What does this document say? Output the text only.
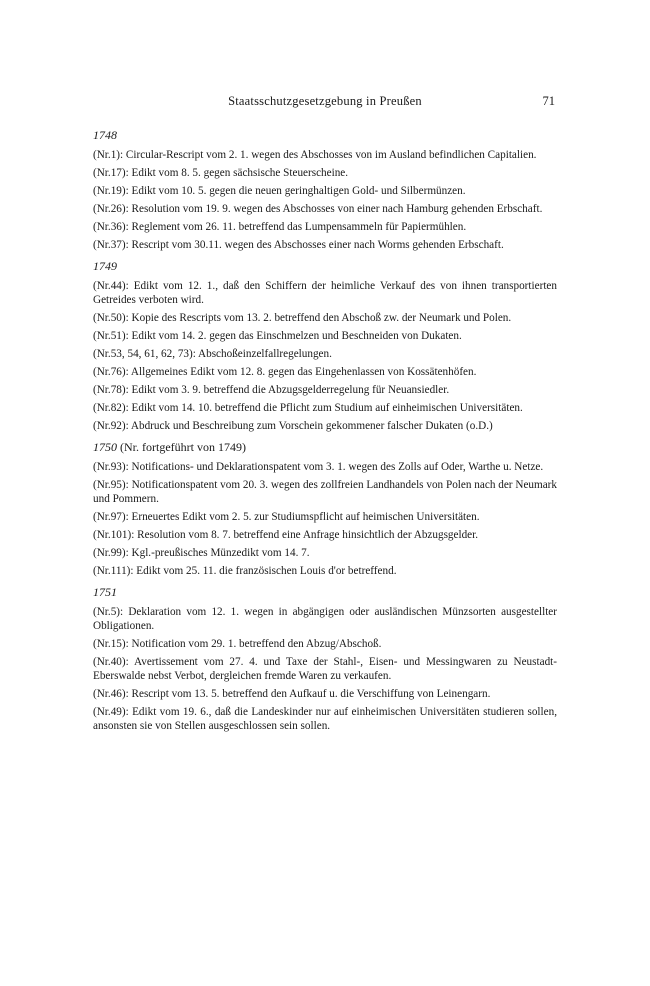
Staatsschutzgesetzgebung in Preußen	71

1748

(Nr.1): Circular-Rescript vom 2. 1. wegen des Abschosses von im Ausland befindlichen Capitalien.

(Nr.17): Edikt vom 8. 5. gegen sächsische Steuerscheine.

(Nr.19): Edikt vom 10. 5. gegen die neuen geringhaltigen Gold- und Silbermünzen.

(Nr.26): Resolution vom 19. 9. wegen des Abschosses von einer nach Hamburg gehenden Erbschaft.

(Nr.36): Reglement vom 26. 11. betreffend das Lumpensammeln für Papiermühlen.

(Nr.37): Rescript vom 30.11. wegen des Abschosses einer nach Worms gehenden Erbschaft.

1749

(Nr.44): Edikt vom 12. 1., daß den Schiffern der heimliche Verkauf des von ihnen transportierten Getreides verboten wird.

(Nr.50): Kopie des Rescripts vom 13. 2. betreffend den Abschoß zw. der Neumark und Polen.

(Nr.51): Edikt vom 14. 2. gegen das Einschmelzen und Beschneiden von Dukaten.

(Nr.53, 54, 61, 62, 73): Abschoßeinzelfallregelungen.

(Nr.76): Allgemeines Edikt vom 12. 8. gegen das Eingehenlassen von Kossätenhöfen.

(Nr.78): Edikt vom 3. 9. betreffend die Abzugsgelderregelung für Neuansiedler.

(Nr.82): Edikt vom 14. 10. betreffend die Pflicht zum Studium auf einheimischen Universitäten.

(Nr.92): Abdruck und Beschreibung zum Vorschein gekommener falscher Dukaten (o.D.)

1750 (Nr. fortgeführt von 1749)

(Nr.93): Notifications- und Deklarationspatent vom 3. 1. wegen des Zolls auf Oder, Warthe u. Netze.

(Nr.95): Notificationspatent vom 20. 3. wegen des zollfreien Landhandels von Polen nach der Neumark und Pommern.

(Nr.97): Erneuertes Edikt vom 2. 5. zur Studiumspflicht auf heimischen Universitäten.

(Nr.101): Resolution vom 8. 7. betreffend eine Anfrage hinsichtlich der Abzugsgelder.

(Nr.99): Kgl.-preußisches Münzedikt vom 14. 7.

(Nr.111): Edikt vom 25. 11. die französischen Louis d'or betreffend.

1751

(Nr.5): Deklaration vom 12. 1. wegen in abgängigen oder ausländischen Münzsorten ausgestellter Obligationen.

(Nr.15): Notification vom 29. 1. betreffend den Abzug/Abschoß.

(Nr.40): Avertissement vom 27. 4. und Taxe der Stahl-, Eisen- und Messingwaren zu Neustadt-Eberswalde nebst Verbot, dergleichen fremde Waren zu verkaufen.

(Nr.46): Rescript vom 13. 5. betreffend den Aufkauf u. die Verschiffung von Leinengarn.

(Nr.49): Edikt vom 19. 6., daß die Landeskinder nur auf einheimischen Universitäten studieren sollen, ansonsten sie von Stellen ausgeschlossen sein sollen.
